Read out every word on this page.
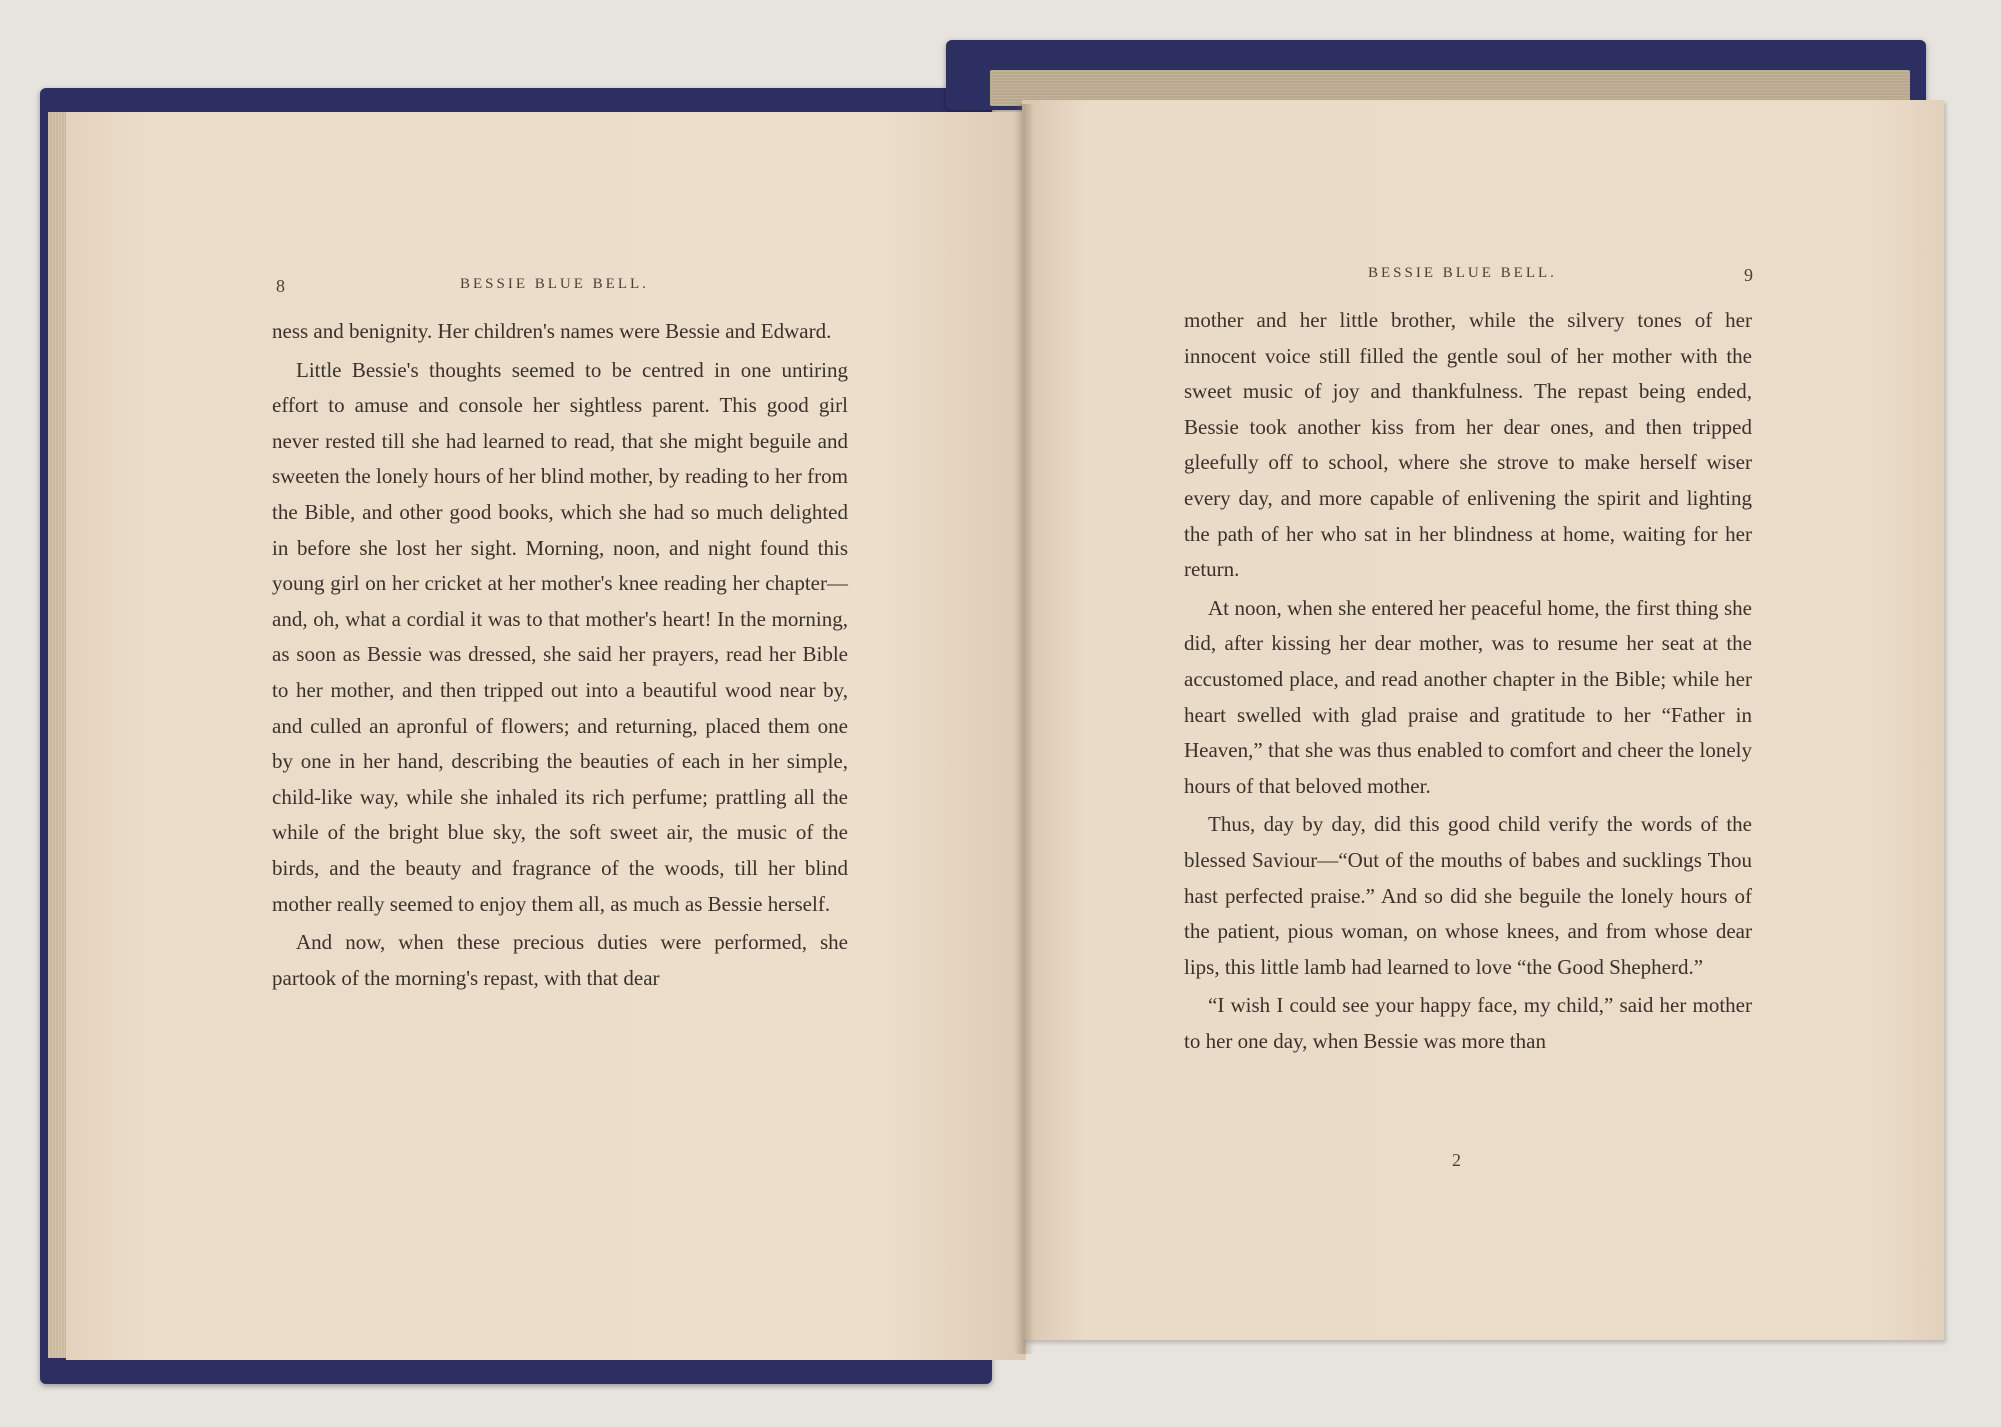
8	BESSIE BLUE BELL.

ness and benignity. Her children's names were Bessie and Edward.

Little Bessie's thoughts seemed to be centred in one untiring effort to amuse and console her sightless parent. This good girl never rested till she had learned to read, that she might beguile and sweeten the lonely hours of her blind mother, by reading to her from the Bible, and other good books, which she had so much delighted in before she lost her sight. Morning, noon, and night found this young girl on her cricket at her mother's knee reading her chapter—and, oh, what a cordial it was to that mother's heart! In the morning, as soon as Bessie was dressed, she said her prayers, read her Bible to her mother, and then tripped out into a beautiful wood near by, and culled an apronful of flowers; and returning, placed them one by one in her hand, describing the beauties of each in her simple, child-like way, while she inhaled its rich perfume; prattling all the while of the bright blue sky, the soft sweet air, the music of the birds, and the beauty and fragrance of the woods, till her blind mother really seemed to enjoy them all, as much as Bessie herself.

And now, when these precious duties were performed, she partook of the morning's repast, with that dear

BESSIE BLUE BELL.	9

mother and her little brother, while the silvery tones of her innocent voice still filled the gentle soul of her mother with the sweet music of joy and thankfulness. The repast being ended, Bessie took another kiss from her dear ones, and then tripped gleefully off to school, where she strove to make herself wiser every day, and more capable of enlivening the spirit and lighting the path of her who sat in her blindness at home, waiting for her return.

At noon, when she entered her peaceful home, the first thing she did, after kissing her dear mother, was to resume her seat at the accustomed place, and read another chapter in the Bible; while her heart swelled with glad praise and gratitude to her “Father in Heaven,” that she was thus enabled to comfort and cheer the lonely hours of that beloved mother.

Thus, day by day, did this good child verify the words of the blessed Saviour—“Out of the mouths of babes and sucklings Thou hast perfected praise.” And so did she beguile the lonely hours of the patient, pious woman, on whose knees, and from whose dear lips, this little lamb had learned to love “the Good Shepherd.”

“I wish I could see your happy face, my child,” said her mother to her one day, when Bessie was more than

2
